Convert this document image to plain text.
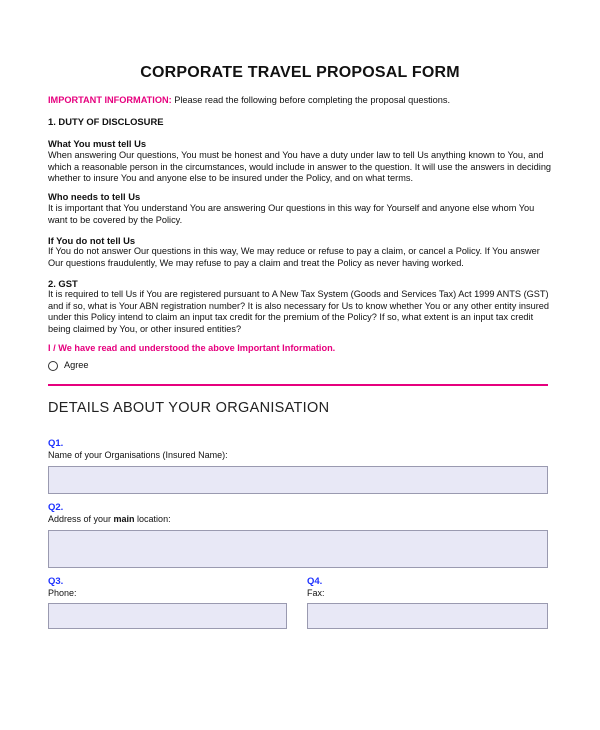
CORPORATE TRAVEL PROPOSAL FORM
IMPORTANT INFORMATION: Please read the following before completing the proposal questions.
1. DUTY OF DISCLOSURE
What You must tell Us
When answering Our questions, You must be honest and You have a duty under law to tell Us anything known to You, and which a reasonable person in the circumstances, would include in answer to the question. It will use the answers in deciding whether to insure You and anyone else to be insured under the Policy, and on what terms.
Who needs to tell Us
It is important that You understand You are answering Our questions in this way for Yourself and anyone else whom You want to be covered by the Policy.
If You do not tell Us
If You do not answer Our questions in this way, We may reduce or refuse to pay a claim, or cancel a Policy. If You answer Our questions fraudulently, We may refuse to pay a claim and treat the Policy as never having worked.
2. GST
It is required to tell Us if You are registered pursuant to A New Tax System (Goods and Services Tax) Act 1999 ANTS (GST) and if so, what is Your ABN registration number? It is also necessary for Us to know whether You or any other entity insured under this Policy intend to claim an input tax credit for the premium of the Policy? If so, what extent is an input tax credit being claimed by You, or other insured entities?
I / We have read and understood the above Important Information.
Agree
DETAILS ABOUT YOUR ORGANISATION
Q1.
Name of your Organisations (Insured Name):
Q2.
Address of your main location:
Q3.
Phone:
Q4.
Fax:
